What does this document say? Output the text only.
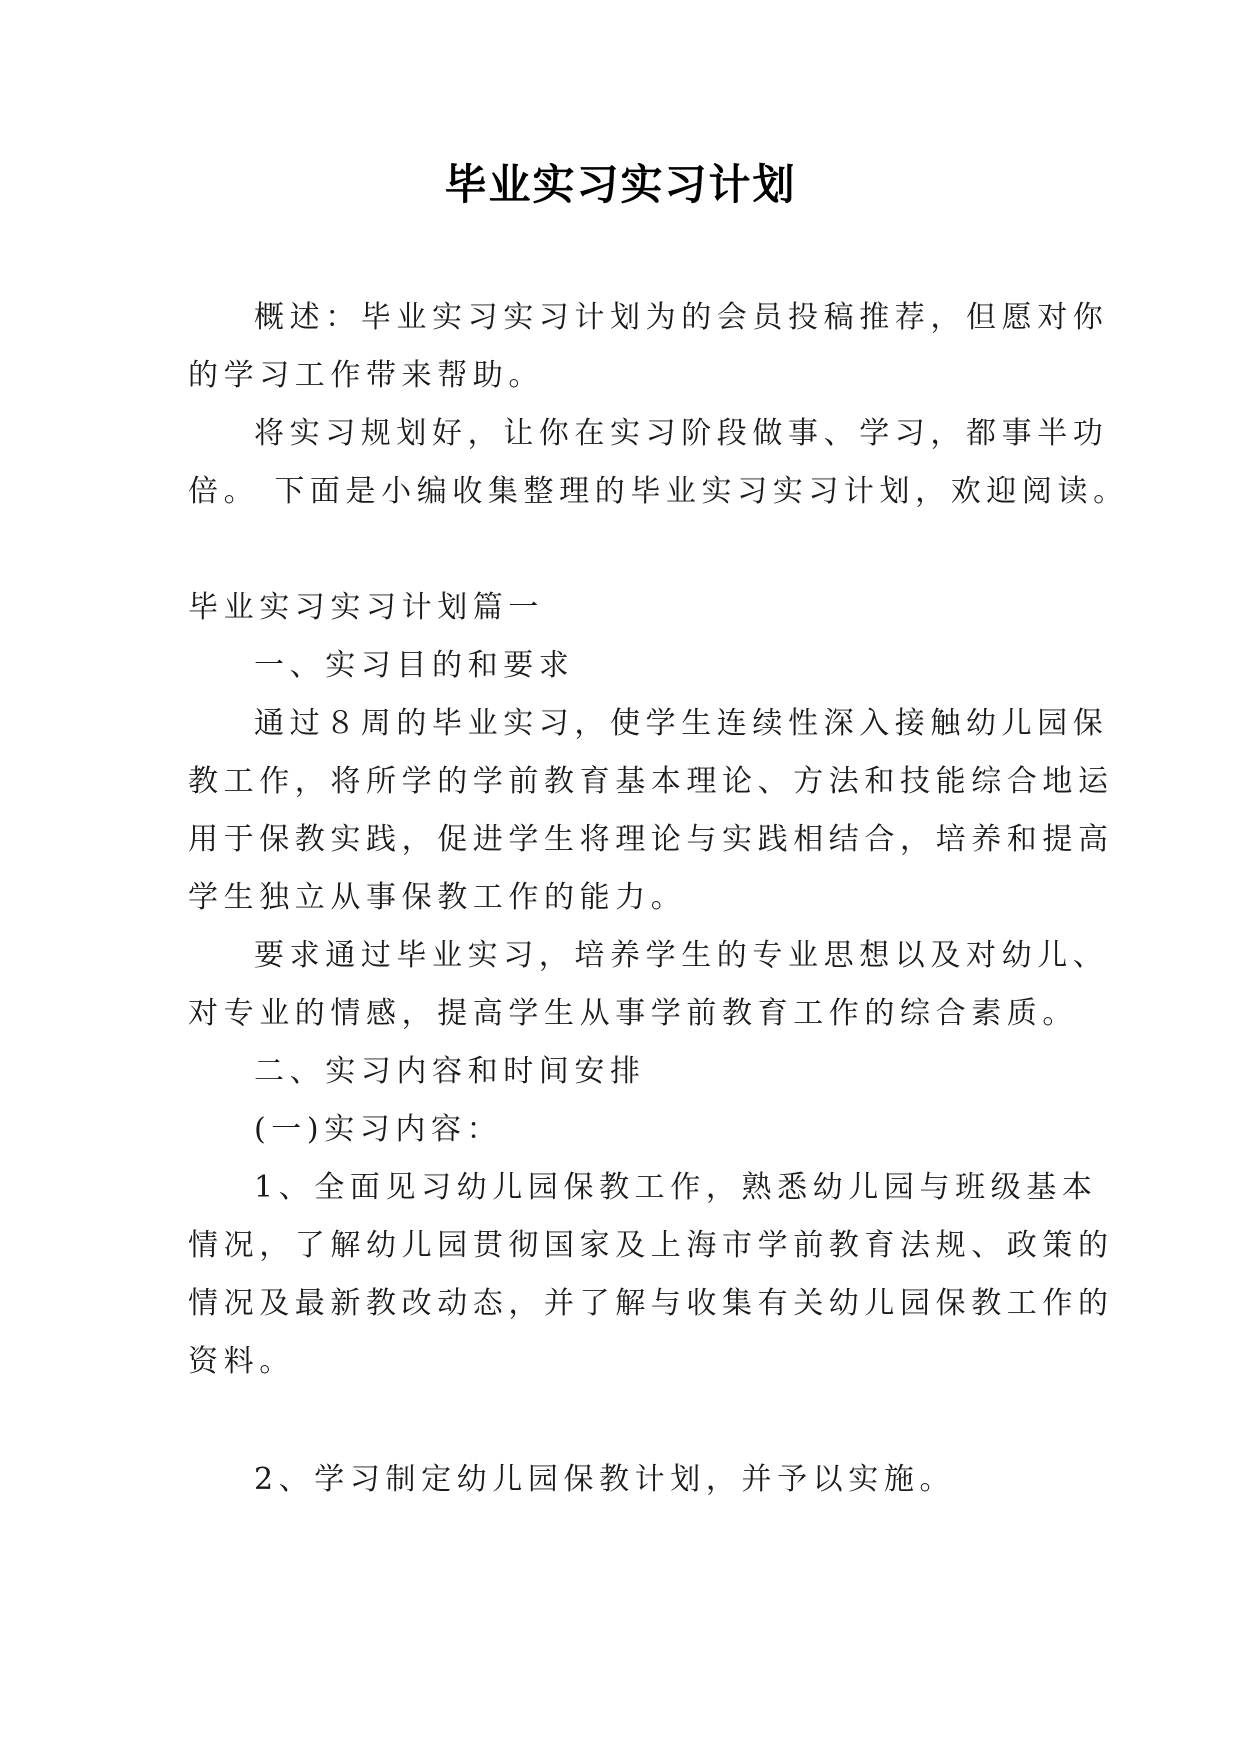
毕业实习实习计划
概述：毕业实习实习计划为的会员投稿推荐，但愿对你
的学习工作带来帮助。
将实习规划好，让你在实习阶段做事、学习，都事半功
倍。 下面是小编收集整理的毕业实习实习计划，欢迎阅读。
毕业实习实习计划篇一
一、实习目的和要求
通过８周的毕业实习，使学生连续性深入接触幼儿园保
教工作，将所学的学前教育基本理论、方法和技能综合地运
用于保教实践，促进学生将理论与实践相结合，培养和提高
学生独立从事保教工作的能力。
要求通过毕业实习，培养学生的专业思想以及对幼儿、
对专业的情感，提高学生从事学前教育工作的综合素质。
二、实习内容和时间安排
(一)实习内容：
1、全面见习幼儿园保教工作，熟悉幼儿园与班级基本
情况，了解幼儿园贯彻国家及上海市学前教育法规、政策的
情况及最新教改动态，并了解与收集有关幼儿园保教工作的
资料。
2、学习制定幼儿园保教计划，并予以实施。
